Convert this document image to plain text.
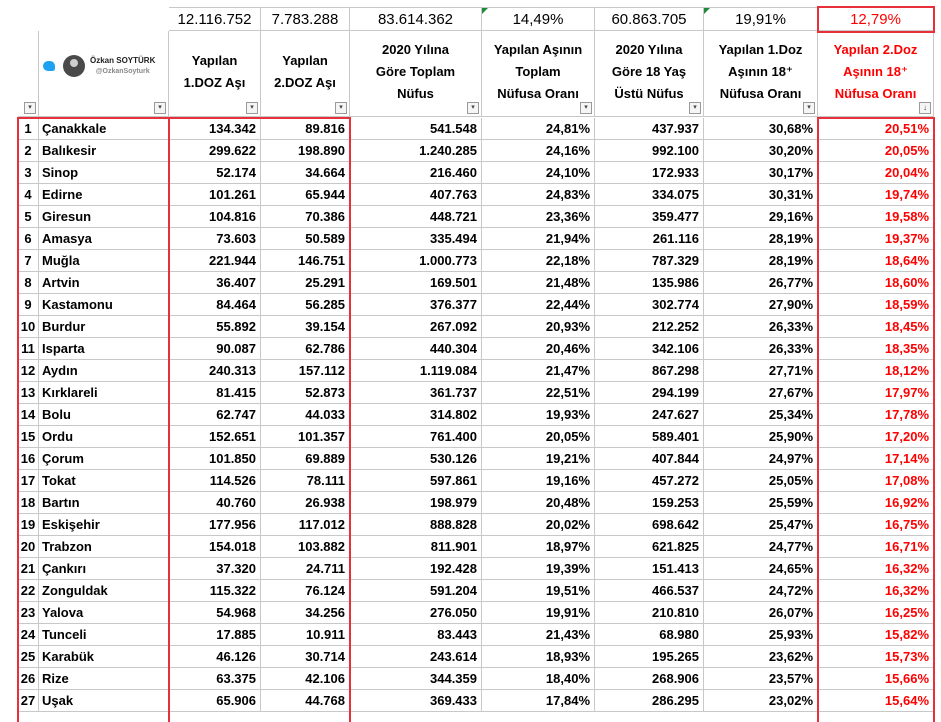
12.116.752	7.783.288	83.614.362	14,49%	60.863.705	19,91%	12,79%
▾
Özkan SOYTÜRK
@OzkanSoyturk
▾
Yapılan
1.DOZ Aşı
▾
Yapılan
2.DOZ Aşı
▾
2020 Yılına
Göre Toplam
Nüfus
▾
Yapılan Aşının
Toplam
Nüfusa Oranı
▾
2020 Yılına
Göre 18 Yaş
Üstü Nüfus
▾
Yapılan 1.Doz
Aşının 18⁺
Nüfusa Oranı
▾
Yapılan 2.Doz
Aşının 18⁺
Nüfusa Oranı
↓
1 Çanakkale	134.342	89.816	541.548	24,81%	437.937	30,68%	20,51%
2 Balıkesir	299.622	198.890	1.240.285	24,16%	992.100	30,20%	20,05%
3 Sinop	52.174	34.664	216.460	24,10%	172.933	30,17%	20,04%
4 Edirne	101.261	65.944	407.763	24,83%	334.075	30,31%	19,74%
5 Giresun	104.816	70.386	448.721	23,36%	359.477	29,16%	19,58%
6 Amasya	73.603	50.589	335.494	21,94%	261.116	28,19%	19,37%
7 Muğla	221.944	146.751	1.000.773	22,18%	787.329	28,19%	18,64%
8 Artvin	36.407	25.291	169.501	21,48%	135.986	26,77%	18,60%
9 Kastamonu	84.464	56.285	376.377	22,44%	302.774	27,90%	18,59%
10 Burdur	55.892	39.154	267.092	20,93%	212.252	26,33%	18,45%
11 Isparta	90.087	62.786	440.304	20,46%	342.106	26,33%	18,35%
12 Aydın	240.313	157.112	1.119.084	21,47%	867.298	27,71%	18,12%
13 Kırklareli	81.415	52.873	361.737	22,51%	294.199	27,67%	17,97%
14 Bolu	62.747	44.033	314.802	19,93%	247.627	25,34%	17,78%
15 Ordu	152.651	101.357	761.400	20,05%	589.401	25,90%	17,20%
16 Çorum	101.850	69.889	530.126	19,21%	407.844	24,97%	17,14%
17 Tokat	114.526	78.111	597.861	19,16%	457.272	25,05%	17,08%
18 Bartın	40.760	26.938	198.979	20,48%	159.253	25,59%	16,92%
19 Eskişehir	177.956	117.012	888.828	20,02%	698.642	25,47%	16,75%
20 Trabzon	154.018	103.882	811.901	18,97%	621.825	24,77%	16,71%
21 Çankırı	37.320	24.711	192.428	19,39%	151.413	24,65%	16,32%
22 Zonguldak	115.322	76.124	591.204	19,51%	466.537	24,72%	16,32%
23 Yalova	54.968	34.256	276.050	19,91%	210.810	26,07%	16,25%
24 Tunceli	17.885	10.911	83.443	21,43%	68.980	25,93%	15,82%
25 Karabük	46.126	30.714	243.614	18,93%	195.265	23,62%	15,73%
26 Rize	63.375	42.106	344.359	18,40%	268.906	23,57%	15,66%
27 Uşak	65.906	44.768	369.433	17,84%	286.295	23,02%	15,64%
